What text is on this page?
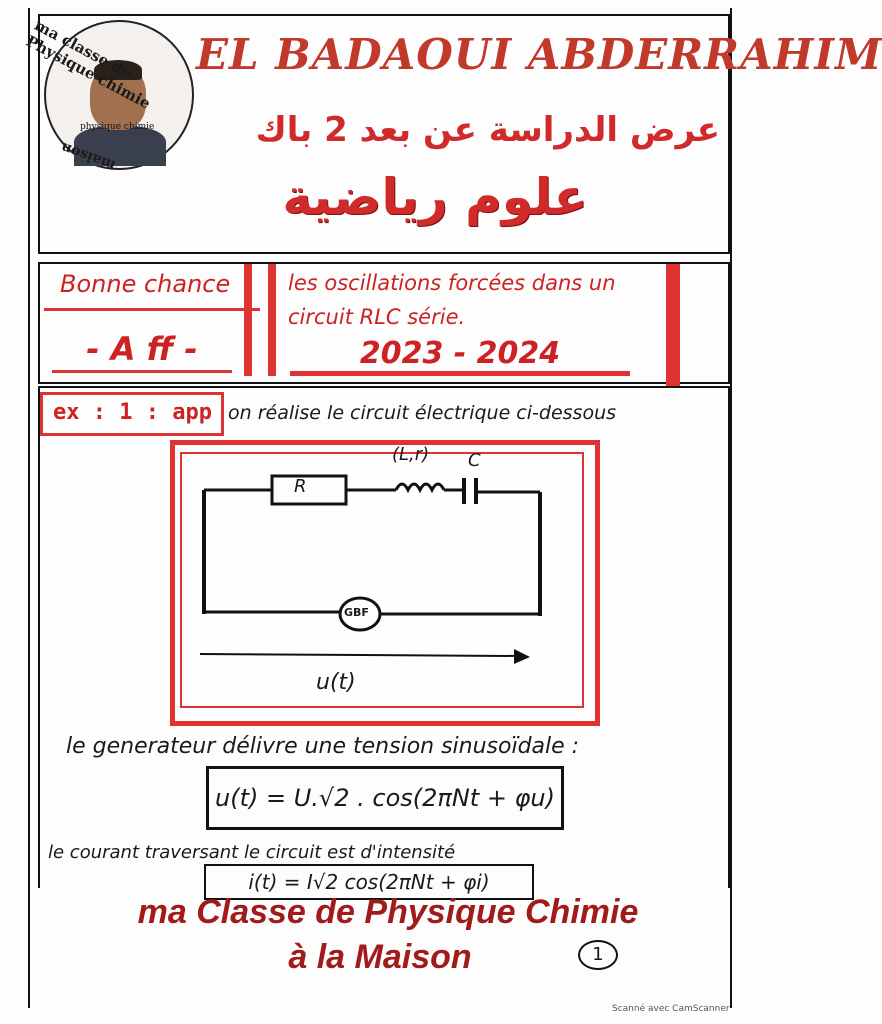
ma classe de Physique chimie
physique chimie
maison
EL BADAOUI ABDERRAHIM
عرض الدراسة عن بعد 2 باك
علوم رياضية
Bonne chance
- A ff -
les oscillations forcées dans un circuit RLC série.
2023 - 2024
ex : 1 : app on réalise le circuit électrique ci-dessous
R
(L,r) C
GBF
u(t)
le generateur délivre une tension sinusoïdale :
u(t) = U.√2 . cos(2πNt + φu)
le courant traversant le circuit est d'intensité
i(t) = I√2 cos(2πNt + φi)
ma Classe de Physique Chimie
à la Maison	1
Scanné avec CamScanner
